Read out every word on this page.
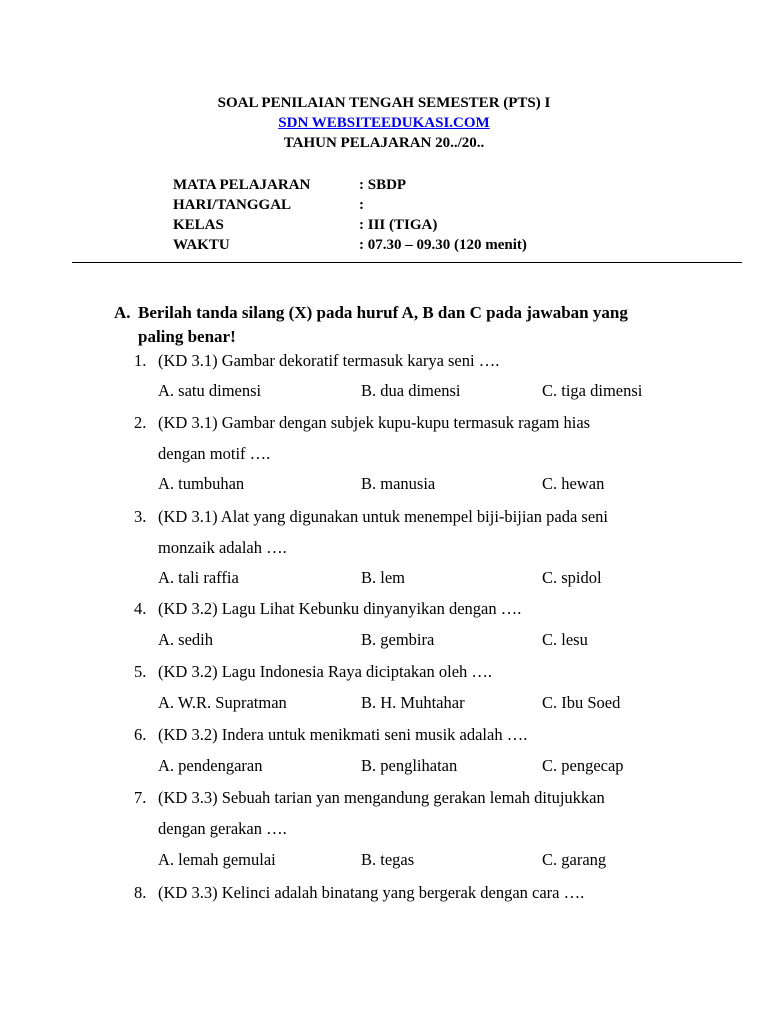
SOAL PENILAIAN TENGAH SEMESTER (PTS) I
SDN WEBSITEEDUKASI.COM
TAHUN PELAJARAN 20../20..
MATA PELAJARAN	: SBDP
HARI/TANGGAL	:
KELAS	: III (TIGA)
WAKTU	: 07.30 – 09.30 (120 menit)
A. Berilah tanda silang (X) pada huruf A, B dan C pada jawaban yang paling benar!
1. (KD 3.1) Gambar dekoratif termasuk karya seni ….
A. satu dimensi	B. dua dimensi	C. tiga dimensi
2. (KD 3.1) Gambar dengan subjek kupu-kupu termasuk ragam hias
dengan motif ….
A. tumbuhan	B. manusia	C. hewan
3. (KD 3.1) Alat yang digunakan untuk menempel biji-bijian pada seni
monzaik adalah ….
A. tali raffia	B. lem	C. spidol
4. (KD 3.2) Lagu Lihat Kebunku dinyanyikan dengan ….
A. sedih	B. gembira	C. lesu
5. (KD 3.2) Lagu Indonesia Raya diciptakan oleh ….
A. W.R. Supratman	B. H. Muhtahar	C. Ibu Soed
6. (KD 3.2) Indera untuk menikmati seni musik adalah ….
A. pendengaran	B. penglihatan	C. pengecap
7. (KD 3.3) Sebuah tarian yan mengandung gerakan lemah ditujukkan
dengan gerakan ….
A. lemah gemulai	B. tegas	C. garang
8. (KD 3.3) Kelinci adalah binatang yang bergerak dengan cara ….
